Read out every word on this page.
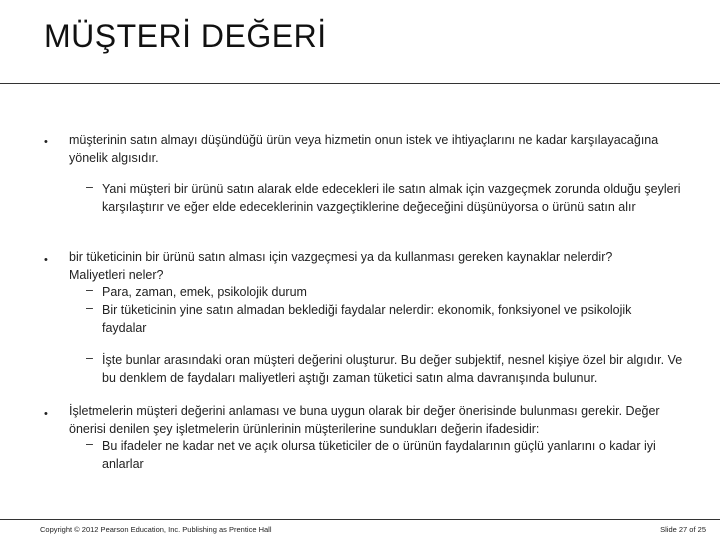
MÜŞTERİ DEĞERİ
• müşterinin satın almayı düşündüğü ürün veya hizmetin onun istek ve ihtiyaçlarını ne kadar karşılayacağına yönelik algısıdır.
– Yani müşteri bir ürünü satın alarak elde edecekleri ile satın almak için vazgeçmek zorunda olduğu şeyleri karşılaştırır ve eğer elde edeceklerinin vazgeçtiklerine değeceğini düşünüyorsa o ürünü satın alır
• bir tüketicinin bir ürünü satın alması için vazgeçmesi ya da kullanması gereken kaynaklar nelerdir? Maliyetleri neler?
– Para, zaman, emek, psikolojik durum
– Bir tüketicinin yine satın almadan beklediği faydalar nelerdir: ekonomik, fonksiyonel ve psikolojik faydalar
– İşte bunlar arasındaki oran müşteri değerini oluşturur. Bu değer subjektif, nesnel kişiye özel bir algıdır. Ve bu denklem de faydaları maliyetleri aştığı zaman tüketici satın alma davranışında bulunur.
• İşletmelerin müşteri değerini anlaması ve buna uygun olarak bir değer önerisinde bulunması gerekir. Değer önerisi denilen şey işletmelerin ürünlerinin müşterilerine sundukları değerin ifadesidir:
– Bu ifadeler ne kadar net ve açık olursa tüketiciler de o ürünün faydalarının güçlü yanlarını o kadar iyi anlarlar
Copyright © 2012 Pearson Education, Inc. Publishing as Prentice Hall	Slide 27 of 25
